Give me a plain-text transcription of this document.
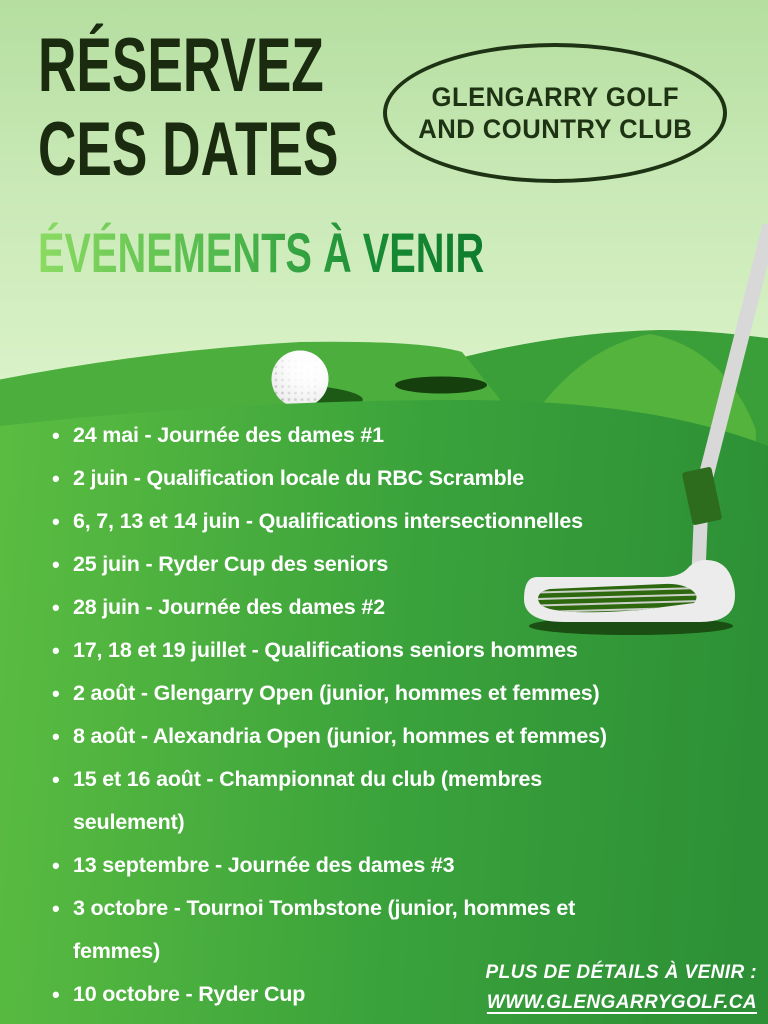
RÉSERVEZ
CES DATES
GLENGARRY GOLF
AND COUNTRY CLUB
ÉVÉNEMENTS À VENIR
• 24 mai - Journée des dames #1
• 2 juin - Qualification locale du RBC Scramble
• 6, 7, 13 et 14 juin - Qualifications intersectionnelles
• 25 juin - Ryder Cup des seniors
• 28 juin - Journée des dames #2
• 17, 18 et 19 juillet - Qualifications seniors hommes
• 2 août - Glengarry Open (junior, hommes et femmes)
• 8 août - Alexandria Open (junior, hommes et femmes)
• 15 et 16 août - Championnat du club (membres
seulement)
• 13 septembre - Journée des dames #3
• 3 octobre - Tournoi Tombstone (junior, hommes et
femmes)
• 10 octobre - Ryder Cup
PLUS DE DÉTAILS À VENIR :
WWW.GLENGARRYGOLF.CA
